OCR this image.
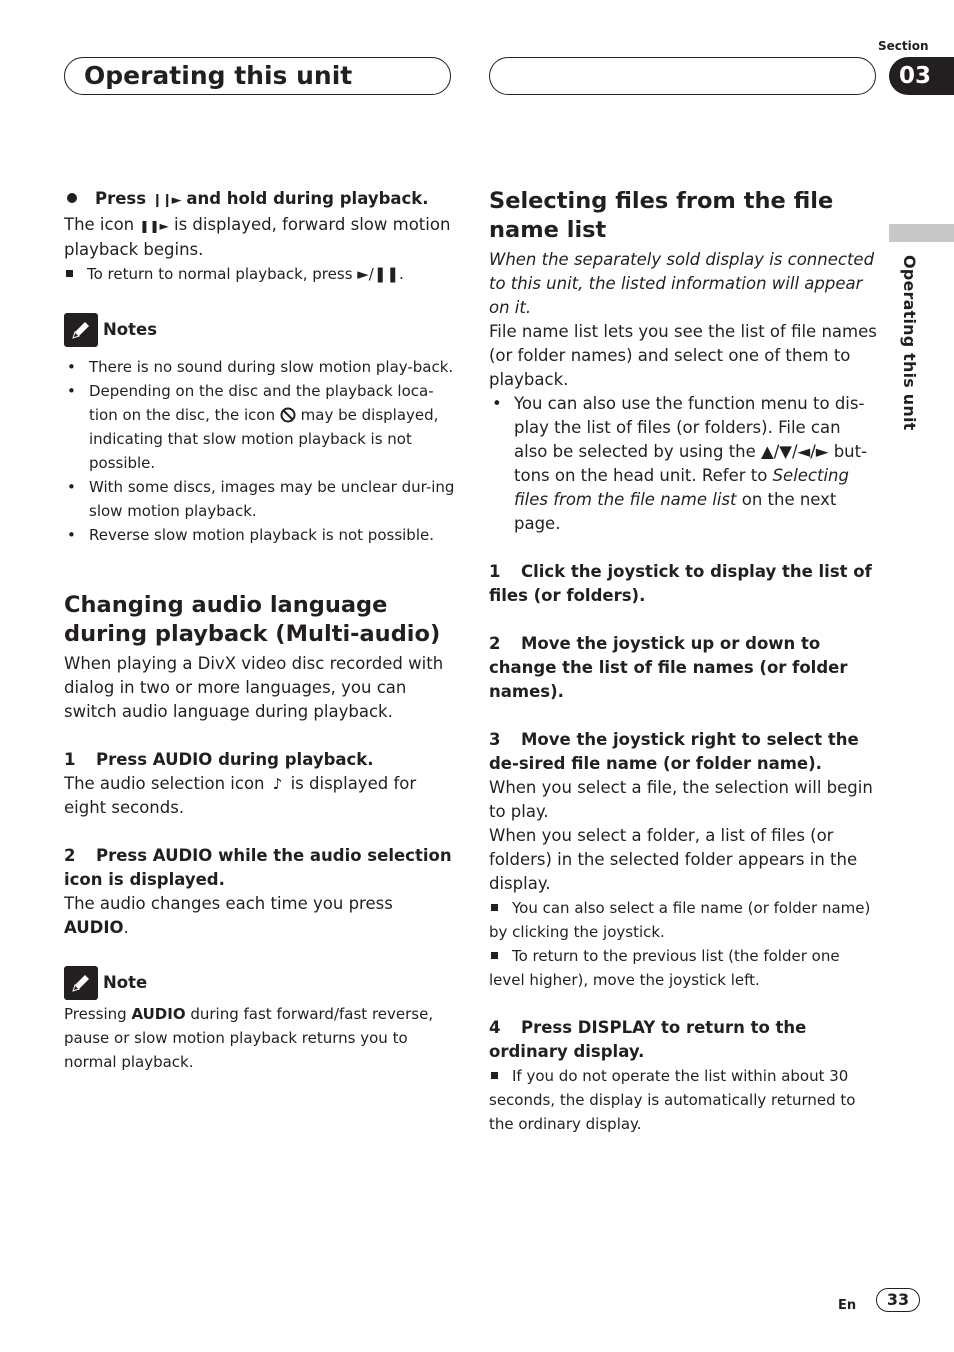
Operating this unit
Section
03
Operating this unit

Press ❙❙► and hold during playback.

The icon ❚❚► is displayed, forward slow motion playback begins.

To return to normal playback, press ►/❚❚.

Notes

• There is no sound during slow motion play-back.

• Depending on the disc and the playback loca-tion on the disc, the icon  may be displayed, indicating that slow motion playback is not possible.

• With some discs, images may be unclear dur-ing slow motion playback.

• Reverse slow motion playback is not possible.

Changing audio language during playback (Multi-audio)

When playing a DivX video disc recorded with dialog in two or more languages, you can switch audio language during playback.

1 Press AUDIO during playback.

The audio selection icon ♪ is displayed for eight seconds.

2 Press AUDIO while the audio selection icon is displayed.

The audio changes each time you press AUDIO.

Note

Pressing AUDIO during fast forward/fast reverse, pause or slow motion playback returns you to normal playback.

Selecting files from the file name list

When the separately sold display is connected to this unit, the listed information will appear on it.

File name list lets you see the list of file names (or folder names) and select one of them to playback.

• You can also use the function menu to dis-play the list of files (or folders). File can also be selected by using the ▲/▼/◄/► but-tons on the head unit. Refer to Selecting files from the file name list on the next page.

1 Click the joystick to display the list of files (or folders).

2 Move the joystick up or down to change the list of file names (or folder names).

3 Move the joystick right to select the de-sired file name (or folder name).

When you select a file, the selection will begin to play.

When you select a folder, a list of files (or folders) in the selected folder appears in the display.

You can also select a file name (or folder name) by clicking the joystick.

To return to the previous list (the folder one level higher), move the joystick left.

4 Press DISPLAY to return to the ordinary display.

If you do not operate the list within about 30 seconds, the display is automatically returned to the ordinary display.

En	33
